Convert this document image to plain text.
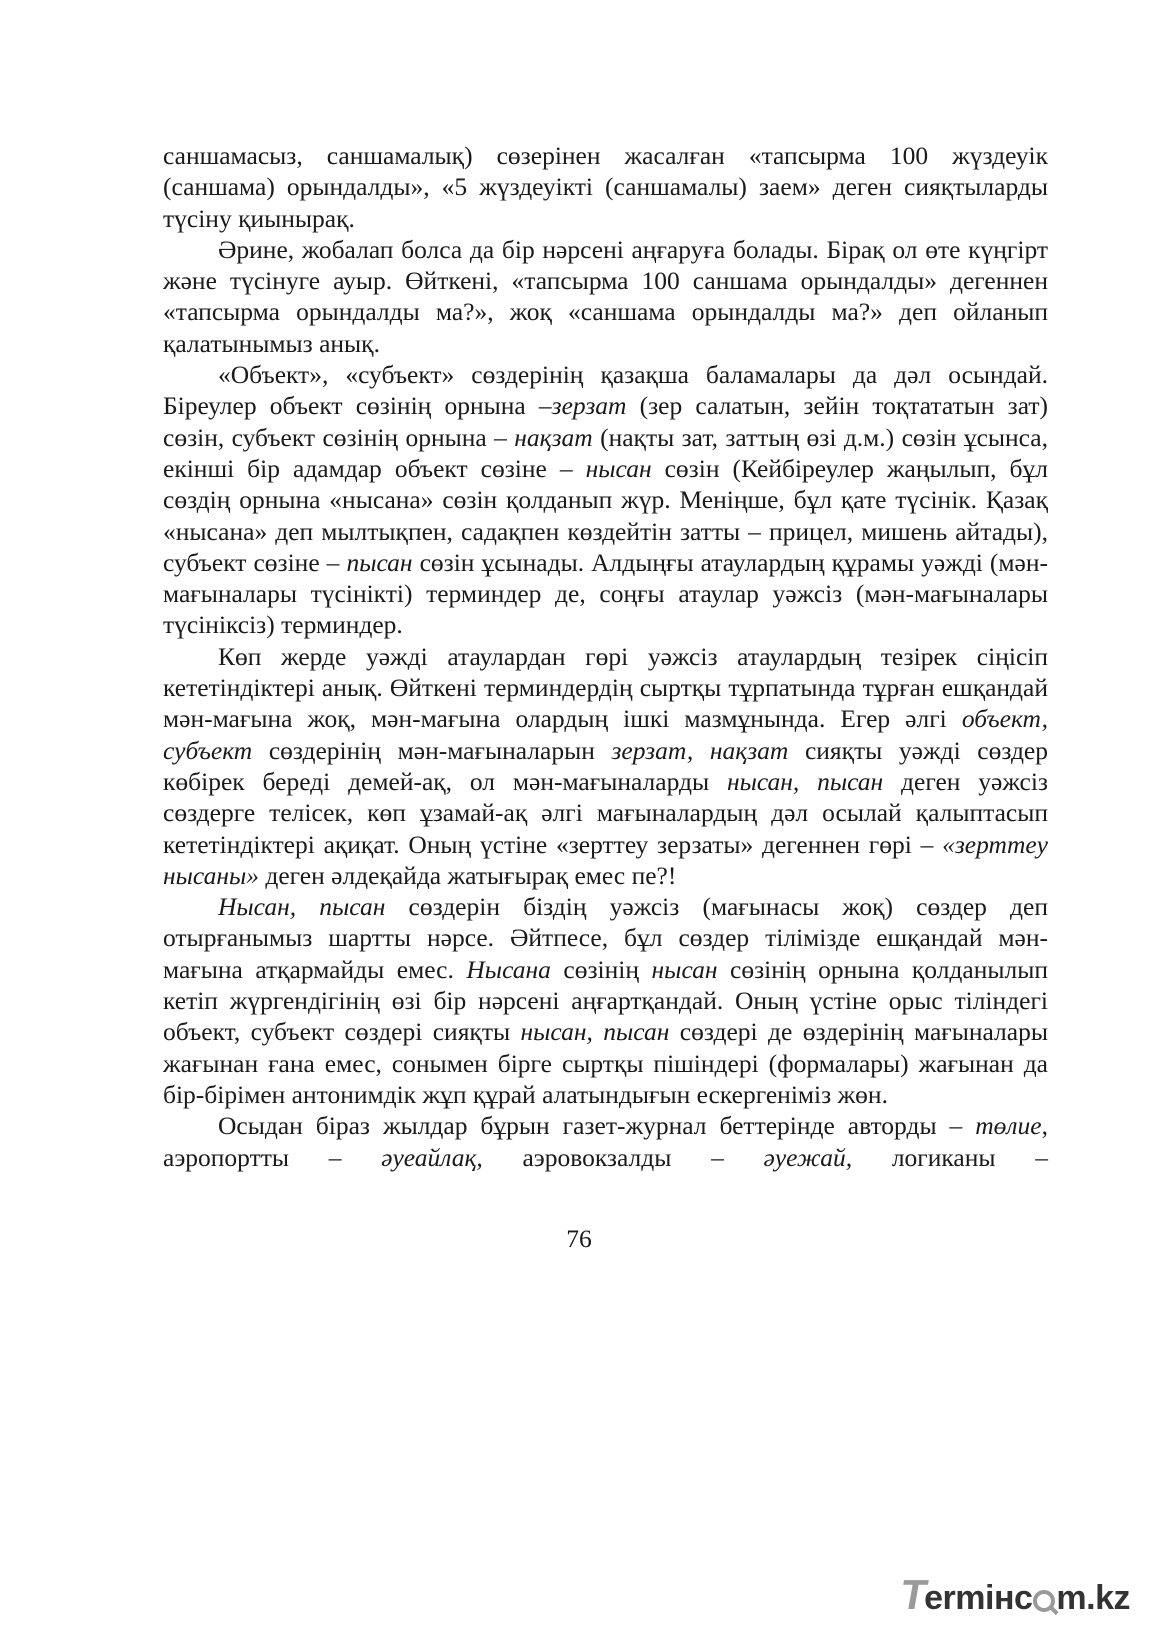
саншамасыз, саншамалық) сөзерінен жасалған «тапсырма 100 жүздеуік (саншама) орындалды», «5 жүздеуікті (саншамалы) заем» деген сияқтыларды түсіну қиынырақ.

Әрине, жобалап болса да бір нәрсені аңғаруға болады. Бірақ ол өте күңгірт және түсінуге ауыр. Өйткені, «тапсырма 100 саншама орындалды» дегеннен «тапсырма орындалды ма?», жоқ «саншама орындалды ма?» деп ойланып қалатынымыз анық.

«Объект», «субъект» сөздерінің қазақша баламалары да дәл осындай. Біреулер объект сөзінің орнына –зерзат (зер салатын, зейін тоқтататын зат) сөзін, субъект сөзінің орнына – нақзат (нақты зат, заттың өзі д.м.) сөзін ұсынса, екінші бір адамдар объект сөзіне – нысан сөзін (Кейбіреулер жаңылып, бұл сөздің орнына «нысана» сөзін қолданып жүр. Меніңше, бұл қате түсінік. Қазақ «нысана» деп мылтықпен, садақпен көздейтін затты – прицел, мишень айтады), субъект сөзіне – пысан сөзін ұсынады. Алдыңғы атаулардың құрамы уәжді (мән-мағыналары түсінікті) терминдер де, соңғы атаулар уәжсіз (мән-мағыналары түсініксіз) терминдер.

Көп жерде уәжді атаулардан гөрі уәжсіз атаулардың тезірек сіңісіп кететіндіктері анық. Өйткені терминдердің сыртқы тұрпатында тұрған ешқандай мән-мағына жоқ, мән-мағына олардың ішкі мазмұнында. Егер әлгі объект, субъект сөздерінің мән-мағыналарын зерзат, нақзат сияқты уәжді сөздер көбірек береді демей-ақ, ол мән-мағыналарды нысан, пысан деген уәжсіз сөздерге телісек, көп ұзамай-ақ әлгі мағыналардың дәл осылай қалыптасып кететіндіктері ақиқат. Оның үстіне «зерттеу зерзаты» дегеннен гөрі – «зерттеу нысаны» деген әлдеқайда жатығырақ емес пе?!

Нысан, пысан сөздерін біздің уәжсіз (мағынасы жоқ) сөздер деп отырғанымыз шартты нәрсе. Әйтпесе, бұл сөздер тілімізде ешқандай мән-мағына атқармайды емес. Нысана сөзінің нысан сөзінің орнына қолданылып кетіп жүргендігінің өзі бір нәрсені аңғартқандай. Оның үстіне орыс тіліндегі объект, субъект сөздері сияқты нысан, пысан сөздері де өздерінің мағыналары жағынан ғана емес, сонымен бірге сыртқы пішіндері (формалары) жағынан да бір-бірімен антонимдік жұп құрай алатындығын ескергеніміз жөн.

Осыдан біраз жылдар бұрын газет-журнал беттерінде авторды – төлие, аэропортты – әуеайлақ, аэровокзалды – әуежай, логиканы –

76
Termінc m.kz
